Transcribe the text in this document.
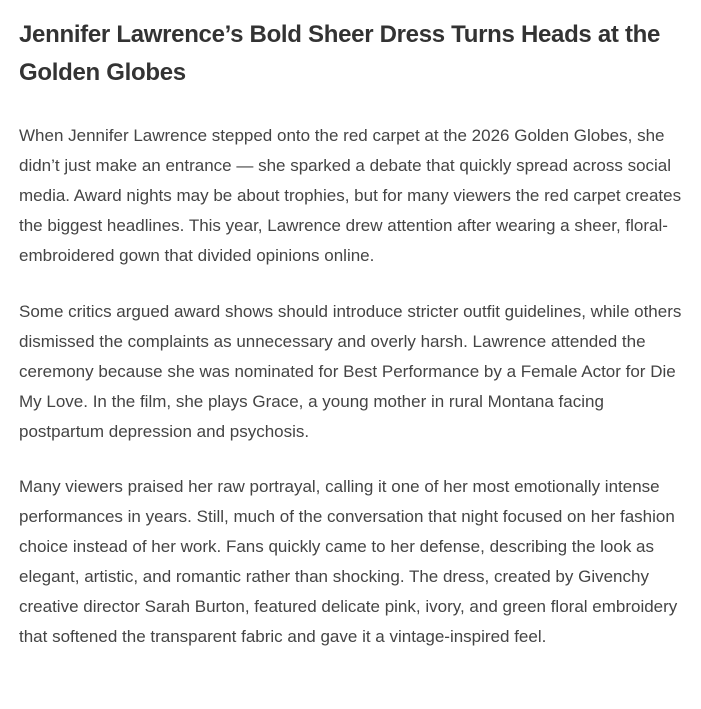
Jennifer Lawrence’s Bold Sheer Dress Turns Heads at the Golden Globes

When Jennifer Lawrence stepped onto the red carpet at the 2026 Golden Globes, she didn’t just make an entrance — she sparked a debate that quickly spread across social media. Award nights may be about trophies, but for many viewers the red carpet creates the biggest headlines. This year, Lawrence drew attention after wearing a sheer, floral-embroidered gown that divided opinions online.

Some critics argued award shows should introduce stricter outfit guidelines, while others dismissed the complaints as unnecessary and overly harsh. Lawrence attended the ceremony because she was nominated for Best Performance by a Female Actor for Die My Love. In the film, she plays Grace, a young mother in rural Montana facing postpartum depression and psychosis.

Many viewers praised her raw portrayal, calling it one of her most emotionally intense performances in years. Still, much of the conversation that night focused on her fashion choice instead of her work. Fans quickly came to her defense, describing the look as elegant, artistic, and romantic rather than shocking. The dress, created by Givenchy creative director Sarah Burton, featured delicate pink, ivory, and green floral embroidery that softened the transparent fabric and gave it a vintage-inspired feel.
